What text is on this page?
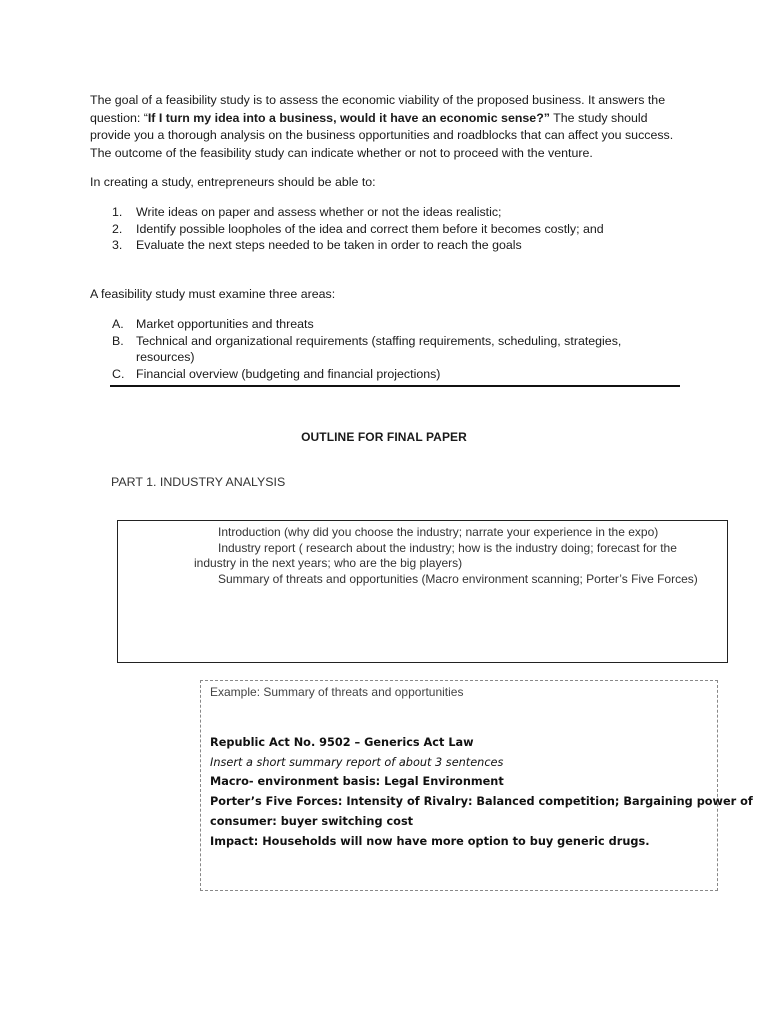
The goal of a feasibility study is to assess the economic viability of the proposed business. It answers the question: “If I turn my idea into a business, would it have an economic sense?” The study should provide you a thorough analysis on the business opportunities and roadblocks that can affect you success. The outcome of the feasibility study can indicate whether or not to proceed with the venture.

In creating a study, entrepreneurs should be able to:

1. Write ideas on paper and assess whether or not the ideas realistic;
2. Identify possible loopholes of the idea and correct them before it becomes costly; and
3. Evaluate the next steps needed to be taken in order to reach the goals

A feasibility study must examine three areas:

A. Market opportunities and threats
B. Technical and organizational requirements (staffing requirements, scheduling, strategies, resources)
C. Financial overview (budgeting and financial projections)
OUTLINE FOR FINAL PAPER
PART 1. INDUSTRY ANALYSIS
Introduction (why did you choose the industry; narrate your experience in the expo)
Industry report ( research about the industry; how is the industry doing; forecast for the industry in the next years; who are the big players)
Summary of threats and opportunities (Macro environment scanning; Porter’s Five Forces)
Example: Summary of threats and opportunities
Republic Act No. 9502 – Generics Act Law
Insert a short summary report of about 3 sentences
Macro- environment basis: Legal Environment
Porter’s Five Forces: Intensity of Rivalry: Balanced competition; Bargaining power of
consumer: buyer switching cost
Impact: Households will now have more option to buy generic drugs.
